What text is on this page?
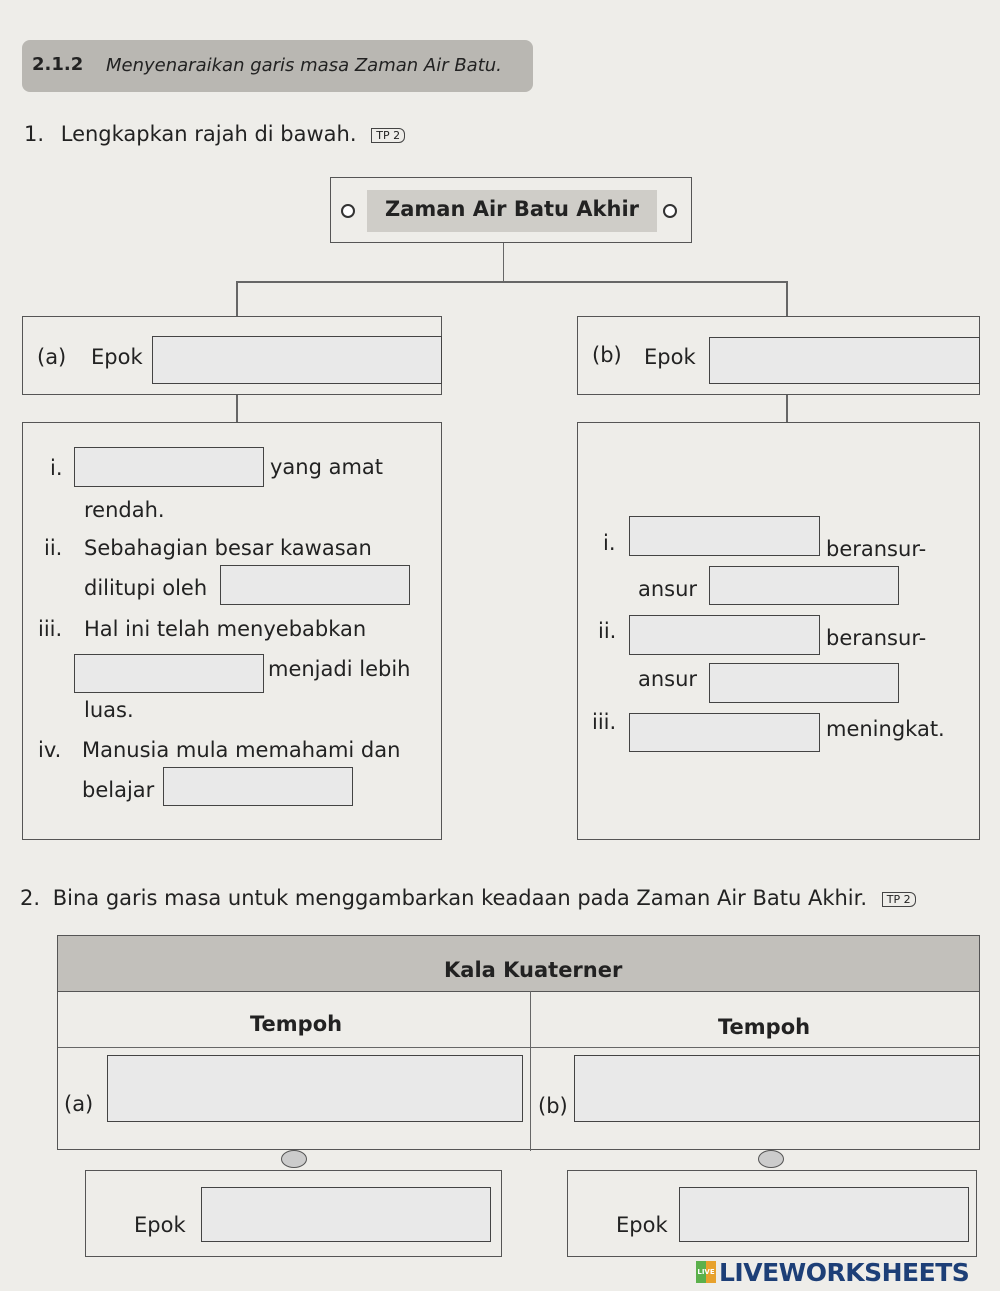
2.1.2 Menyenaraikan garis masa Zaman Air Batu.
1. Lengkapkan rajah di bawah. TP 2
Zaman Air Batu Akhir
(a) Epok	(b) Epok
i.	yang amat
rendah.
ii. Sebahagian besar kawasan
dilitupi oleh
iii. Hal ini telah menyebabkan
menjadi lebih
luas.
iv. Manusia mula memahami dan
belajar
i.	beransur-
ansur
ii.	beransur-
ansur
iii.	meningkat.
2. Bina garis masa untuk menggambarkan keadaan pada Zaman Air Batu Akhir. TP 2
Kala Kuaterner
Tempoh	Tempoh
(a)	(b)
Epok	Epok
LIVE LIVEWORKSHEETS
